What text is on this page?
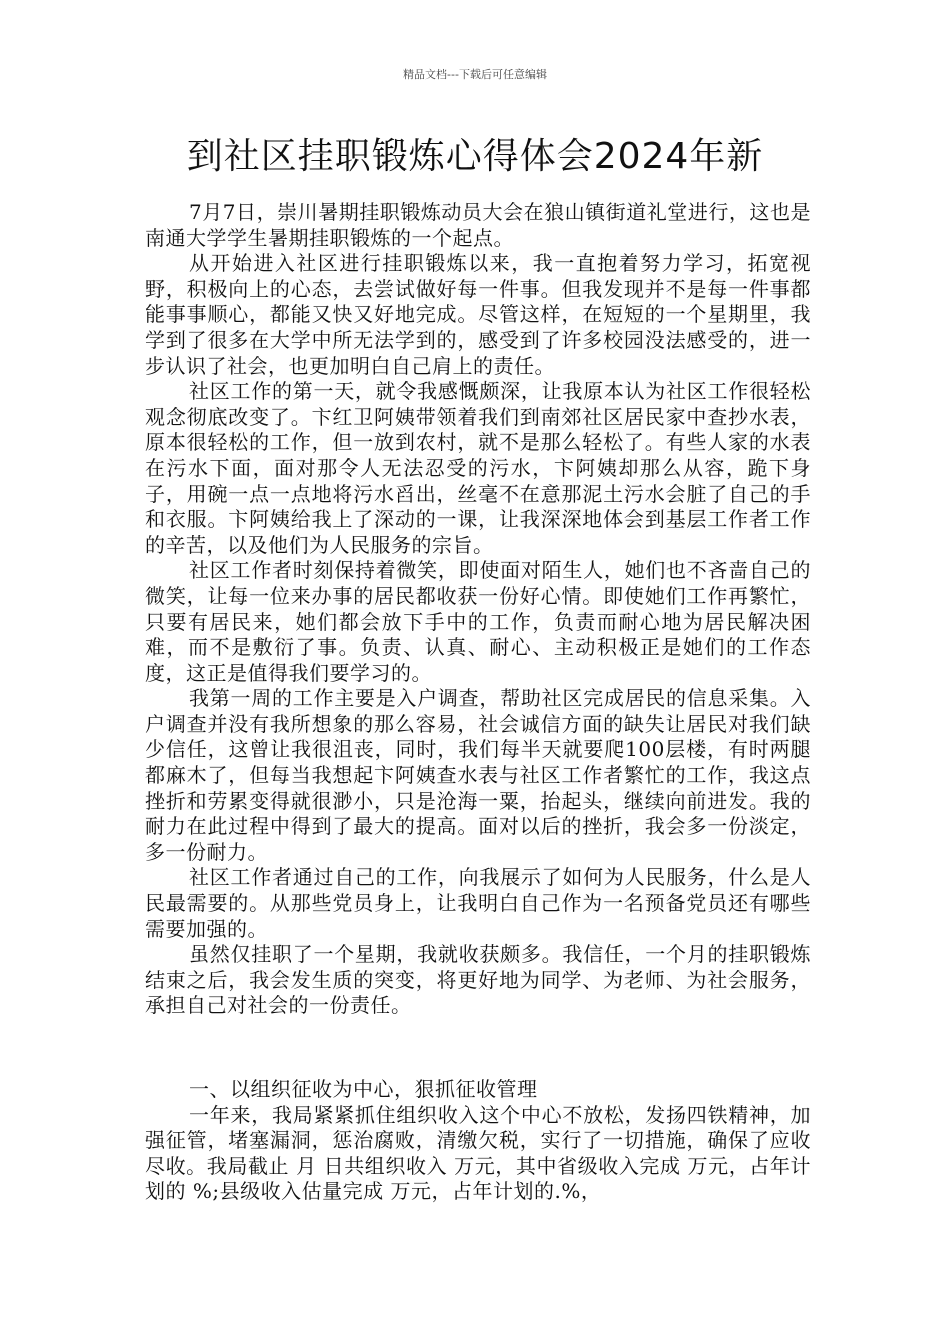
精品文档---下载后可任意编辑
到社区挂职锻炼心得体会2024年新

7月7日，崇川暑期挂职锻炼动员大会在狼山镇街道礼堂进行，这也是南通大学学生暑期挂职锻炼的一个起点。

从开始进入社区进行挂职锻炼以来，我一直抱着努力学习，拓宽视野，积极向上的心态，去尝试做好每一件事。但我发现并不是每一件事都能事事顺心，都能又快又好地完成。尽管这样，在短短的一个星期里，我学到了很多在大学中所无法学到的，感受到了许多校园没法感受的，进一步认识了社会，也更加明白自己肩上的责任。

社区工作的第一天，就令我感慨颇深，让我原本认为社区工作很轻松观念彻底改变了。卞红卫阿姨带领着我们到南郊社区居民家中查抄水表，原本很轻松的工作，但一放到农村，就不是那么轻松了。有些人家的水表在污水下面，面对那令人无法忍受的污水，卞阿姨却那么从容，跪下身子，用碗一点一点地将污水舀出，丝毫不在意那泥土污水会脏了自己的手和衣服。卞阿姨给我上了深动的一课，让我深深地体会到基层工作者工作的辛苦，以及他们为人民服务的宗旨。

社区工作者时刻保持着微笑，即使面对陌生人，她们也不吝啬自己的微笑，让每一位来办事的居民都收获一份好心情。即使她们工作再繁忙，只要有居民来，她们都会放下手中的工作，负责而耐心地为居民解决困难，而不是敷衍了事。负责、认真、耐心、主动积极正是她们的工作态度，这正是值得我们要学习的。

我第一周的工作主要是入户调查，帮助社区完成居民的信息采集。入户调查并没有我所想象的那么容易，社会诚信方面的缺失让居民对我们缺少信任，这曾让我很沮丧，同时，我们每半天就要爬100层楼，有时两腿都麻木了，但每当我想起卞阿姨查水表与社区工作者繁忙的工作，我这点挫折和劳累变得就很渺小，只是沧海一粟，抬起头，继续向前进发。我的耐力在此过程中得到了最大的提高。面对以后的挫折，我会多一份淡定，多一份耐力。

社区工作者通过自己的工作，向我展示了如何为人民服务，什么是人民最需要的。从那些党员身上，让我明白自己作为一名预备党员还有哪些需要加强的。

虽然仅挂职了一个星期，我就收获颇多。我信任，一个月的挂职锻炼结束之后，我会发生质的突变，将更好地为同学、为老师、为社会服务，承担自己对社会的一份责任。

一、以组织征收为中心，狠抓征收管理

一年来，我局紧紧抓住组织收入这个中心不放松，发扬四铁精神，加强征管，堵塞漏洞，惩治腐败，清缴欠税，实行了一切措施，确保了应收尽收。我局截止 月 日共组织收入 万元，其中省级收入完成 万元，占年计划的 %;县级收入估量完成 万元，占年计划的.%，
